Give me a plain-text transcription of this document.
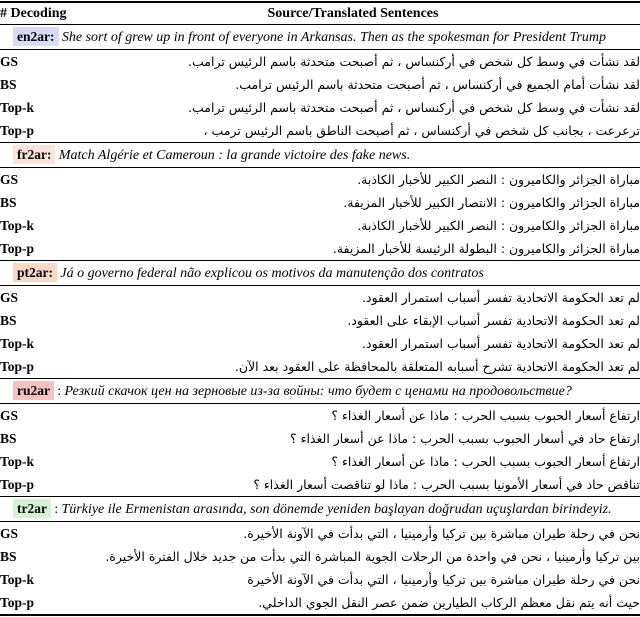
# Decoding	Source/Translated Sentences
en2ar: She sort of grew up in front of everyone in Arkansas. Then as the spokesman for President Trump	
GS	لقد نشأت في وسط كل شخص في أركنساس ، ثم أصبحت متحدثة باسم الرئيس ترامب.
BS	لقد نشأت أمام الجميع في أركنساس ، ثم أصبحت متحدثة باسم الرئيس ترامب.
Top-k	لقد نشأت في وسط كل شخص في أركنساس ، ثم أصبحت متحدثة باسم الرئيس ترامب.
Top-p	ترعرعت ، بجانب كل شخص في أركنساس ، ثم أصبحت الناطق باسم الرئيس ترمب ،
fr2ar: Match Algérie et Cameroun : la grande victoire des fake news.	
GS	مباراة الجزائر والكاميرون : النصر الكبير للأخبار الكاذبة.
BS	مباراة الجزائر والكاميرون : الانتصار الكبير للأخبار المزيفة.
Top-k	مباراة الجزائر والكاميرون : النصر الكبير للأخبار الكاذبة.
Top-p	مباراة الجزائر والكاميرون : البطولة الرئيسة للأخبار المزيفة.
pt2ar: Já o governo federal não explicou os motivos da manutenção dos contratos	
GS	لم تعد الحكومة الاتحادية تفسر أسباب استمرار العقود.
BS	لم تعد الحكومة الاتحادية تفسر أسباب الإبقاء على العقود.
Top-k	لم تعد الحكومة الاتحادية تفسر أسباب استمرار العقود.
Top-p	لم تعد الحكومة الاتحادية تشرح أسبابه المتعلقة بالمحافظة على العقود بعد الآن.
ru2ar : Резкий скачок цен на зерновые из-за войны: что будет с ценами на продовольствие?	
GS	ارتفاع أسعار الحبوب بسبب الحرب : ماذا عن أسعار الغذاء ؟
BS	ارتفاع حاد في أسعار الحبوب بسبب الحرب : ماذا عن أسعار الغذاء ؟
Top-k	ارتفاع أسعار الحبوب بسبب الحرب : ماذا عن أسعار الغذاء ؟
Top-p	تناقص حاد في أسعار الأمونيا بسبب الحرب : ماذا لو تناقصت أسعار الغذاء ؟
tr2ar : Türkiye ile Ermenistan arasında, son dönemde yeniden başlayan doğrudan uçuşlardan birindeyiz.	
GS	نحن في رحلة طيران مباشرة بين تركيا وأرمينيا ، التي بدأت في الآونة الأخيرة.
BS	بين تركيا وأرمينيا ، نحن في واحدة من الرحلات الجوية المباشرة التي بدأت من جديد خلال الفترة الأخيرة.
Top-k	نحن في رحلة طيران مباشرة بين تركيا وأرمينيا ، التي بدأت في الآونة الأخيرة
Top-p	حيث أنه يتم نقل معظم الركاب الطيارين ضمن عصر النقل الجوي الداخلي.
